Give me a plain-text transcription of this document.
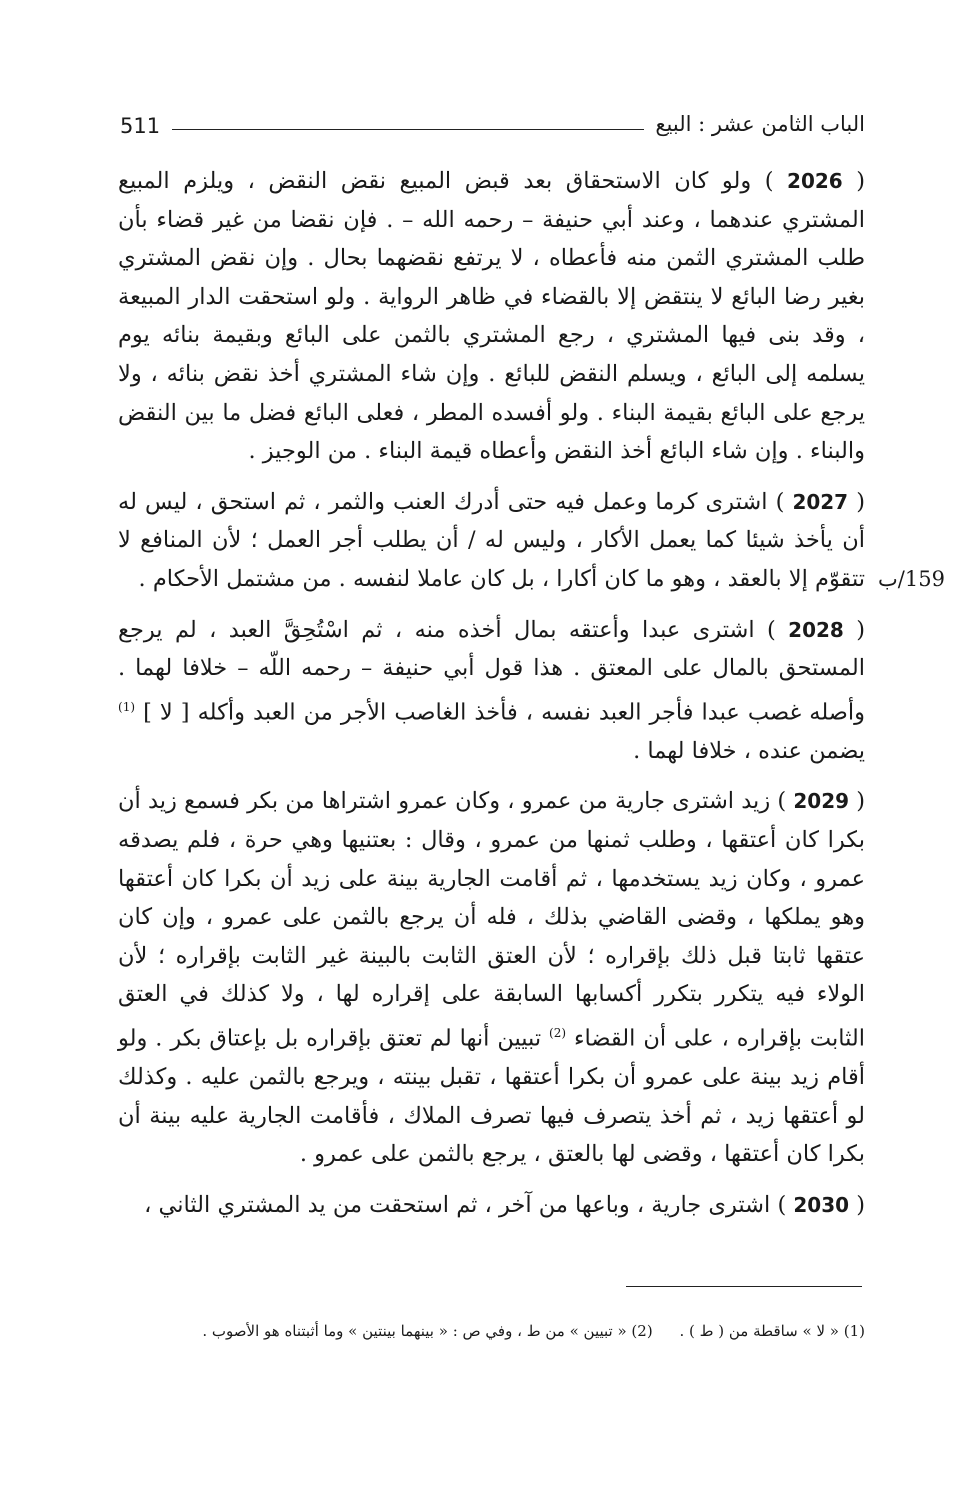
511	الباب الثامن عشر : البيع
159/ب

( 2026 ) ولو كان الاستحقاق بعد قبض المبيع نقض النقض ، ويلزم المبيع المشتري عندهما ، وعند أبي حنيفة – رحمه الله – . فإن نقضا من غير قضاء بأن طلب المشتري الثمن منه فأعطاه ، لا يرتفع نقضهما بحال . وإن نقض المشتري بغير رضا البائع لا ينتقض إلا بالقضاء في ظاهر الرواية . ولو استحقت الدار المبيعة ، وقد بنى فيها المشتري ، رجع المشتري بالثمن على البائع وبقيمة بنائه يوم يسلمه إلى البائع ، ويسلم النقض للبائع . وإن شاء المشتري أخذ نقض بنائه ، ولا يرجع على البائع بقيمة البناء . ولو أفسده المطر ، فعلى البائع فضل ما بين النقض والبناء . وإن شاء البائع أخذ النقض وأعطاه قيمة البناء . من الوجيز .

( 2027 ) اشترى كرما وعمل فيه حتى أدرك العنب والثمر ، ثم استحق ، ليس له أن يأخذ شيئا كما يعمل الأكار ، وليس له / أن يطلب أجر العمل ؛ لأن المنافع لا تتقوّم إلا بالعقد ، وهو ما كان أكارا ، بل كان عاملا لنفسه . من مشتمل الأحكام .

( 2028 ) اشترى عبدا وأعتقه بمال أخذه منه ، ثم اسْتُحِقَّ العبد ، لم يرجع المستحق بالمال على المعتق . هذا قول أبي حنيفة – رحمه اللّه – خلافا لهما . وأصله غصب عبدا فأجر العبد نفسه ، فأخذ الغاصب الأجر من العبد وأكله [ لا ] $^{(1)}$ يضمن عنده ، خلافا لهما .

( 2029 ) زيد اشترى جارية من عمرو ، وكان عمرو اشتراها من بكر فسمع زيد أن بكرا كان أعتقها ، وطلب ثمنها من عمرو ، وقال : بعتنيها وهي حرة ، فلم يصدقه عمرو ، وكان زيد يستخدمها ، ثم أقامت الجارية بينة على زيد أن بكرا كان أعتقها وهو يملكها ، وقضى القاضي بذلك ، فله أن يرجع بالثمن على عمرو ، وإن كان عتقها ثابتا قبل ذلك بإقراره ؛ لأن العتق الثابت بالبينة غير الثابت بإقراره ؛ لأن الولاء فيه يتكرر بتكرر أكسابها السابقة على إقراره لها ، ولا كذلك في العتق الثابت بإقراره ، على أن القضاء $^{(2)}$ تبيين أنها لم تعتق بإقراره بل بإعتاق بكر . ولو أقام زيد بينة على عمرو أن بكرا أعتقها ، تقبل بينته ، ويرجع بالثمن عليه . وكذلك لو أعتقها زيد ، ثم أخذ يتصرف فيها تصرف الملاك ، فأقامت الجارية عليه بينة أن بكرا كان أعتقها ، وقضى لها بالعتق ، يرجع بالثمن على عمرو .

( 2030 ) اشترى جارية ، وباعها من آخر ، ثم استحقت من يد المشتري الثاني ،

(1) « لا » ساقطة من ( ط ) . (2) « تبيين » من ط ، وفي ص : « بينهما بينتين » وما أثبتناه هو الأصوب .
